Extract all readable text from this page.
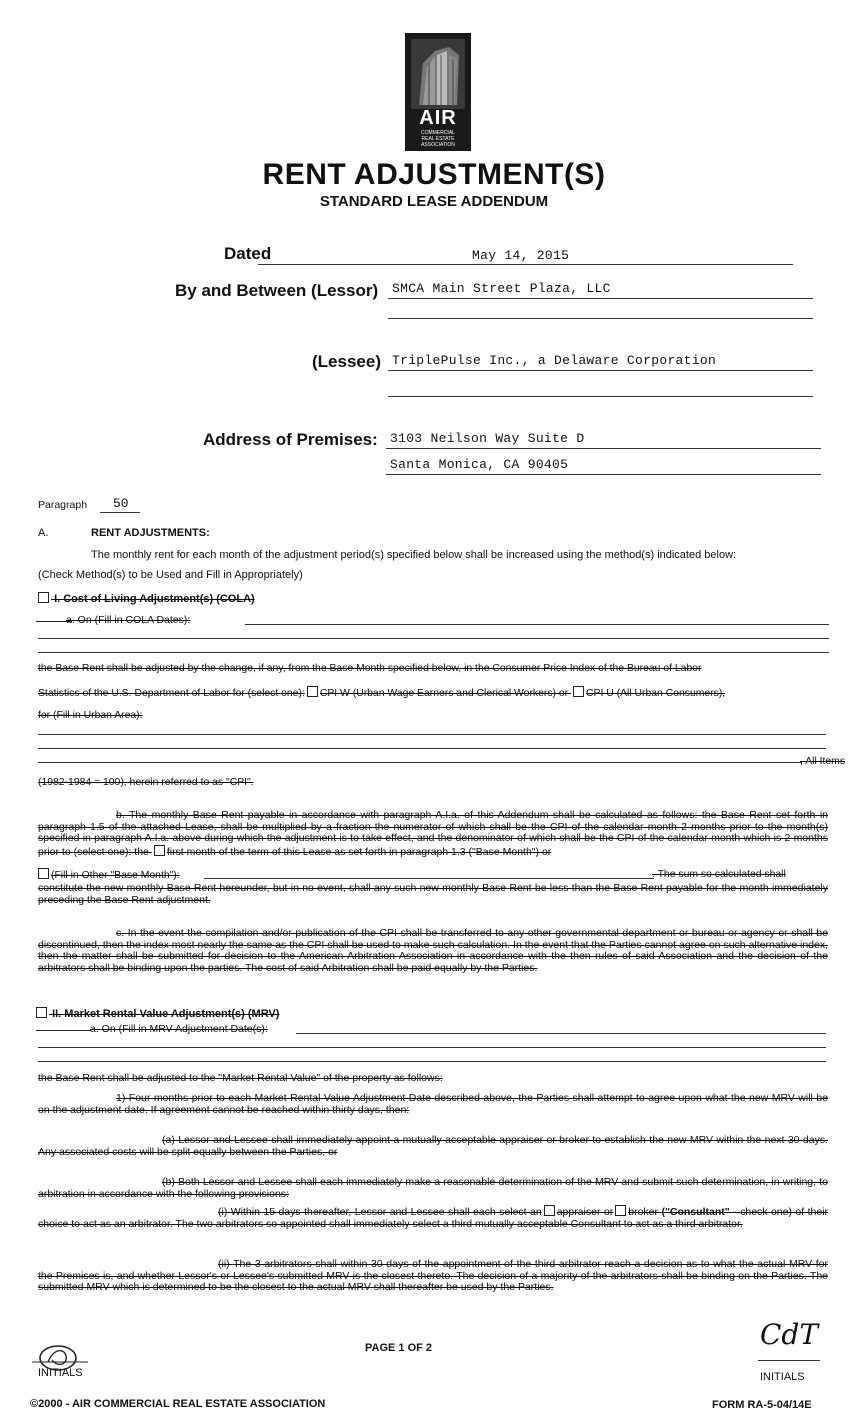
AIR
COMMERCIAL
REAL ESTATE
ASSOCIATION
RENT ADJUSTMENT(S)
STANDARD LEASE ADDENDUM
Dated	May 14, 2015
By and Between (Lessor) SMCA Main Street Plaza, LLC
(Lessee) TriplePulse Inc., a Delaware Corporation
Address of Premises: 3103 Neilson Way Suite D
Santa Monica, CA 90405
Paragraph 50
A.	RENT ADJUSTMENTS:
The monthly rent for each month of the adjustment period(s) specified below shall be increased using the method(s) indicated below:
(Check Method(s) to be Used and Fill in Appropriately)
I. Cost of Living Adjustment(s) (COLA)
a. On (Fill in COLA Dates):
the Base Rent shall be adjusted by the change, if any, from the Base Month specified below, in the Consumer Price Index of the Bureau of Labor
Statistics of the U.S. Department of Labor for (select one): CPI W (Urban Wage Earners and Clerical Workers) or CPI U (All Urban Consumers),
for (Fill in Urban Area):
, All Items
(1982-1984 = 100), herein referred to as "CPI".
b. The monthly Base Rent payable in accordance with paragraph A.I.a. of this Addendum shall be calculated as follows: the Base Rent set forth in paragraph 1.5 of the attached Lease, shall be multiplied by a fraction the numerator of which shall be the CPI of the calendar month 2 months prior to the month(s) specified in paragraph A.I.a. above during which the adjustment is to take effect, and the denominator of which shall be the CPI of the calendar month which is 2 months prior to (select one): the first month of the term of this Lease as set forth in paragraph 1.3 ("Base Month") or
(Fill in Other "Base Month"):	. The sum so calculated shall
constitute the new monthly Base Rent hereunder, but in no event, shall any such new monthly Base Rent be less than the Base Rent payable for the month immediately preceding the Base Rent adjustment.
c. In the event the compilation and/or publication of the CPI shall be transferred to any other governmental department or bureau or agency or shall be discontinued, then the index most nearly the same as the CPI shall be used to make such calculation. In the event that the Parties cannot agree on such alternative index, then the matter shall be submitted for decision to the American Arbitration Association in accordance with the then rules of said Association and the decision of the arbitrators shall be binding upon the parties. The cost of said Arbitration shall be paid equally by the Parties.
II. Market Rental Value Adjustment(s) (MRV)
a. On (Fill in MRV Adjustment Date(s):
the Base Rent shall be adjusted to the "Market Rental Value" of the property as follows:
1) Four months prior to each Market Rental Value Adjustment Date described above, the Parties shall attempt to agree upon what the new MRV will be on the adjustment date. If agreement cannot be reached within thirty days, then:
(a) Lessor and Lessee shall immediately appoint a mutually acceptable appraiser or broker to establish the new MRV within the next 30 days. Any associated costs will be split equally between the Parties, or
(b) Both Lessor and Lessee shall each immediately make a reasonable determination of the MRV and submit such determination, in writing, to arbitration in accordance with the following provisions:
(i) Within 15 days thereafter, Lessor and Lessee shall each select an appraiser or broker ("Consultant" - check one) of their choice to act as an arbitrator. The two arbitrators so appointed shall immediately select a third mutually acceptable Consultant to act as a third arbitrator.
(ii) The 3 arbitrators shall within 30 days of the appointment of the third arbitrator reach a decision as to what the actual MRV for the Premises is, and whether Lessor's or Lessee's submitted MRV is the closest thereto. The decision of a majority of the arbitrators shall be binding on the Parties. The submitted MRV which is determined to be the closest to the actual MRV shall thereafter be used by the Parties.
INITIALS
PAGE 1 OF 2	CdT
INITIALS
©2000 - AIR COMMERCIAL REAL ESTATE ASSOCIATION	FORM RA-5-04/14E
